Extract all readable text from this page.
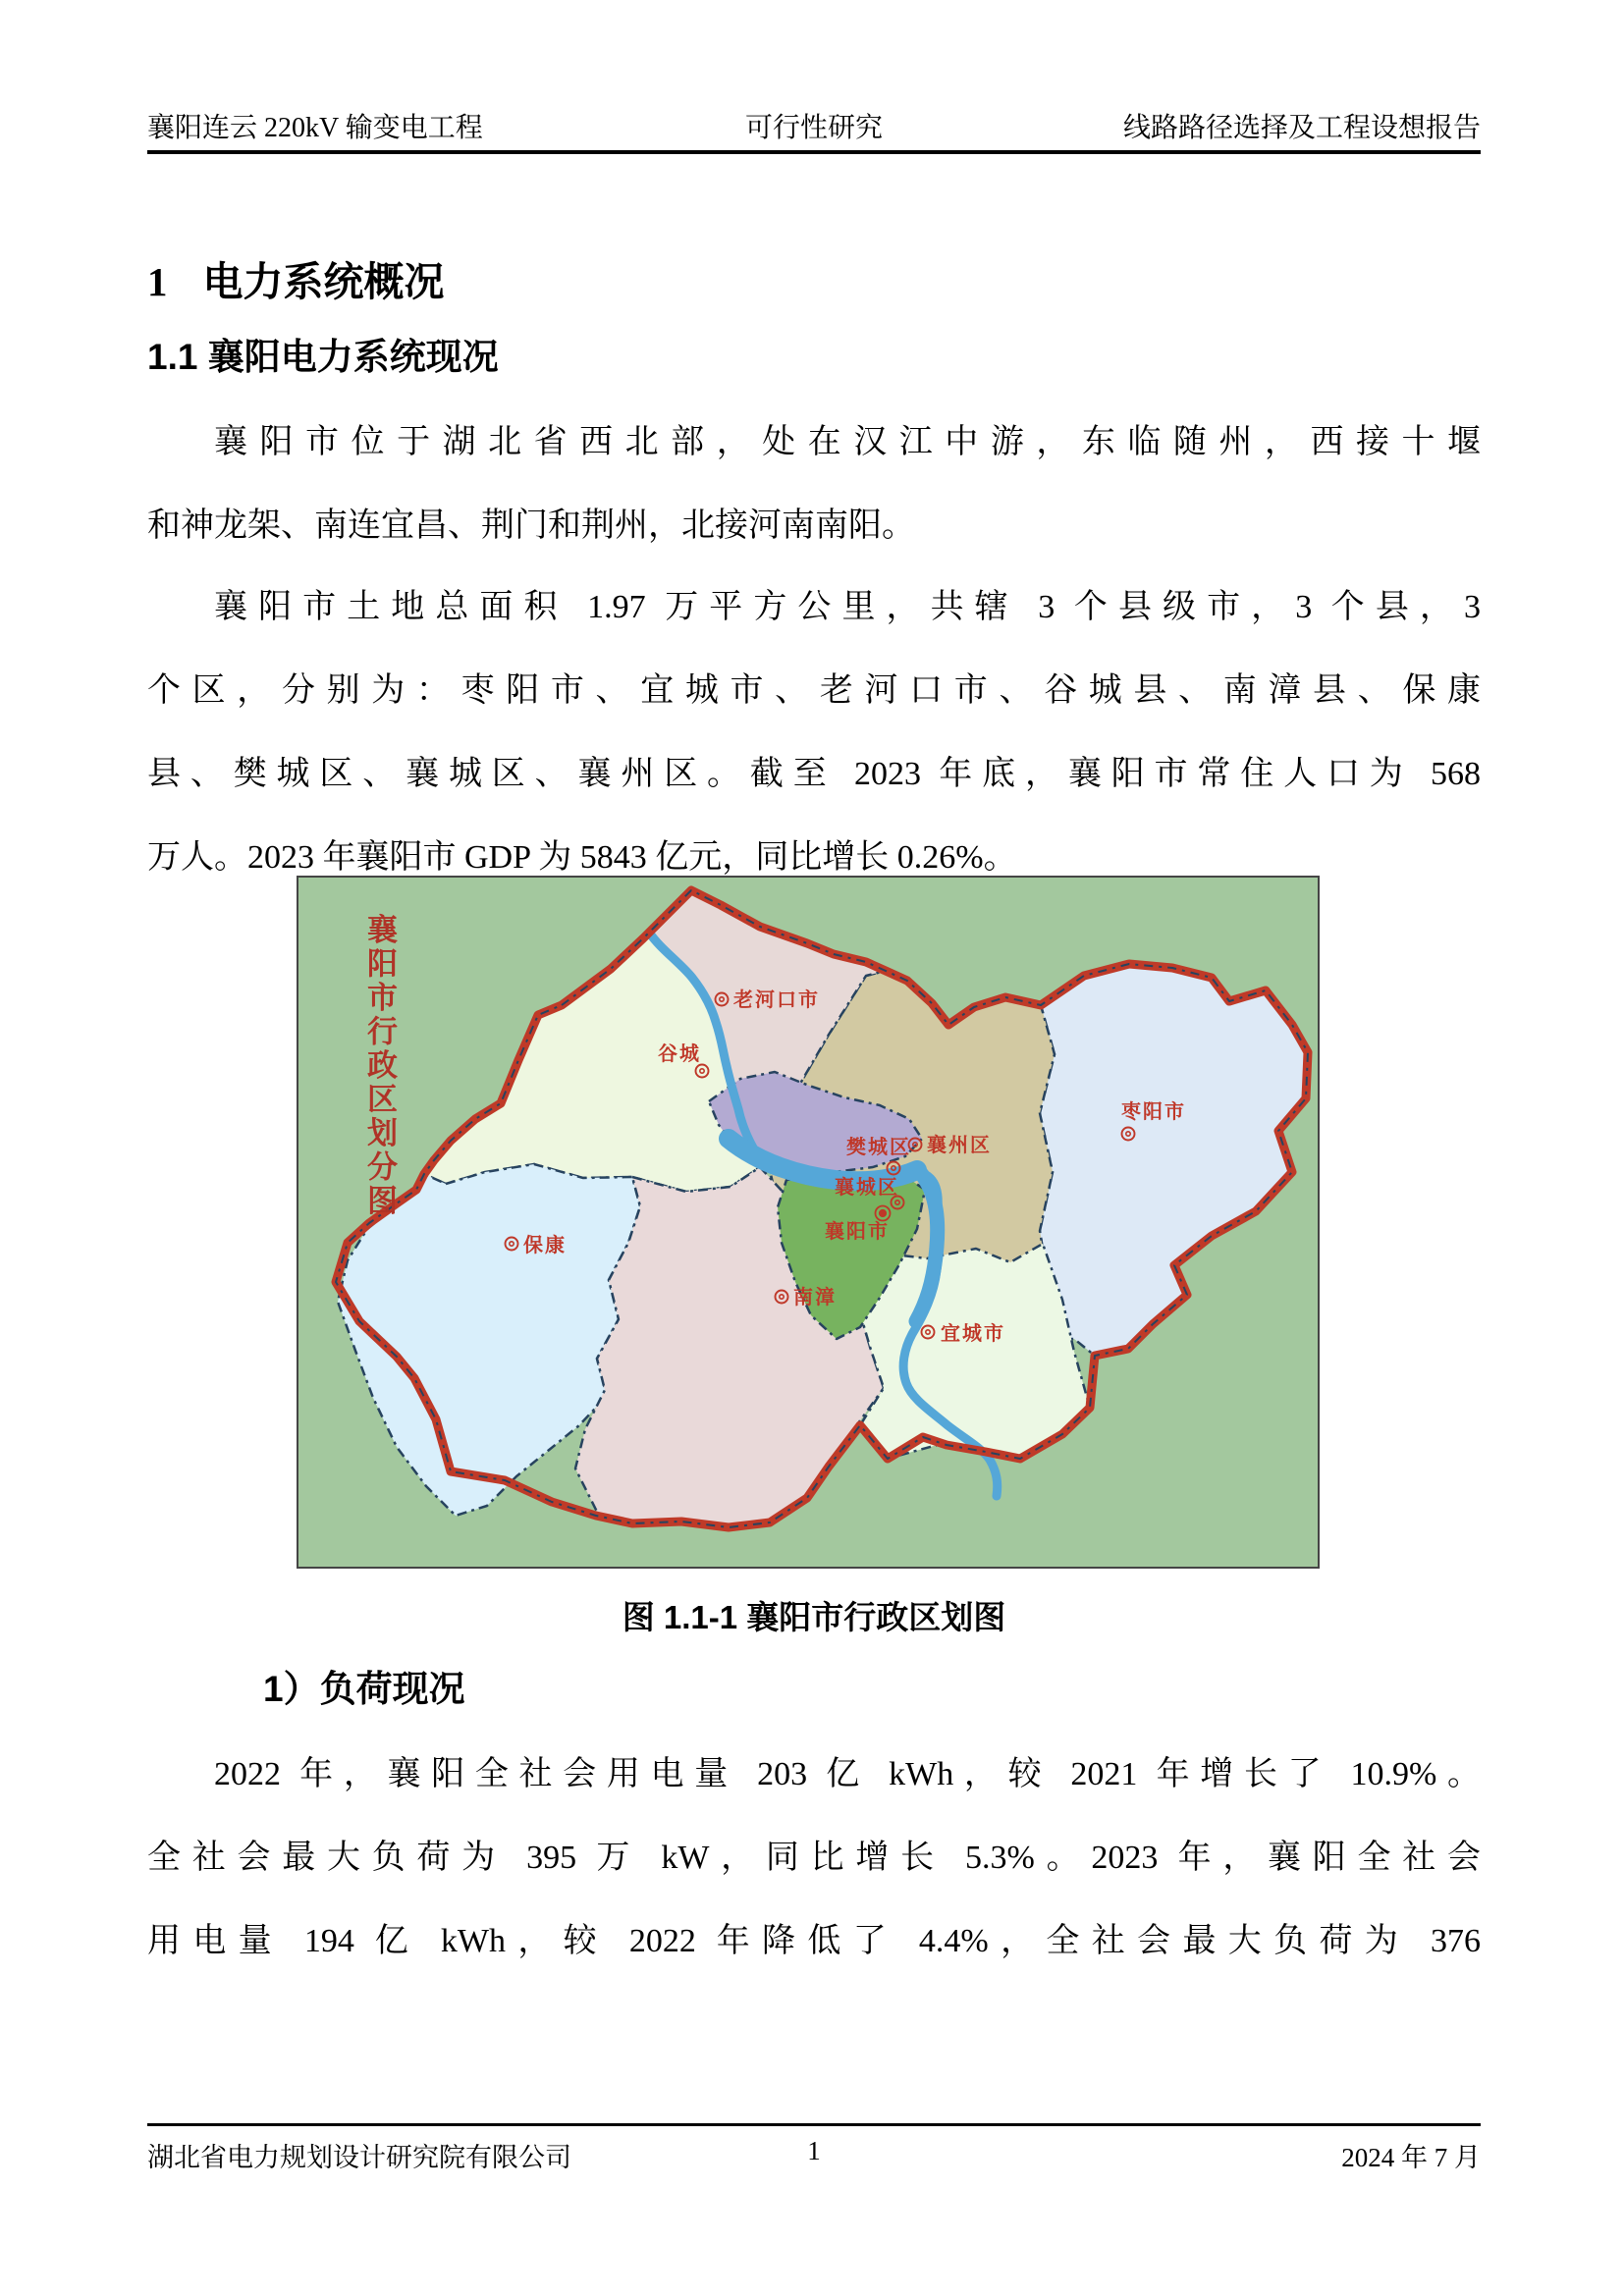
襄阳连云 220kV 输变电工程	可行性研究	线路路径选择及工程设想报告
1 电力系统概况
1.1 襄阳电力系统现况
襄阳市位于湖北省西北部，处在汉江中游，东临随州，西接十堰
和神龙架、南连宜昌、荆门和荆州，北接河南南阳。
襄阳市土地总面积 1.97 万平方公里，共辖 3 个县级市，3 个县，3
个区，分别为：枣阳市、宜城市、老河口市、谷城县、南漳县、保康
县、樊城区、襄城区、襄州区。截至 2023 年底，襄阳市常住人口为 568
万人。2023 年襄阳市 GDP 为 5843 亿元，同比增长 0.26%。
襄
阳
市
行
政
区
划
分
图
老河口市
谷城
襄州区
樊城区
枣阳市
襄城区
襄阳市
保康
南漳
宜城市
图 1.1-1 襄阳市行政区划图
1）负荷现况
2022 年，襄阳全社会用电量 203 亿 kWh，较 2021 年增长了 10.9%。
全社会最大负荷为 395 万 kW，同比增长 5.3%。2023 年，襄阳全社会
用电量 194 亿 kWh，较 2022 年降低了 4.4%，全社会最大负荷为 376
湖北省电力规划设计研究院有限公司	1	2024 年 7 月
